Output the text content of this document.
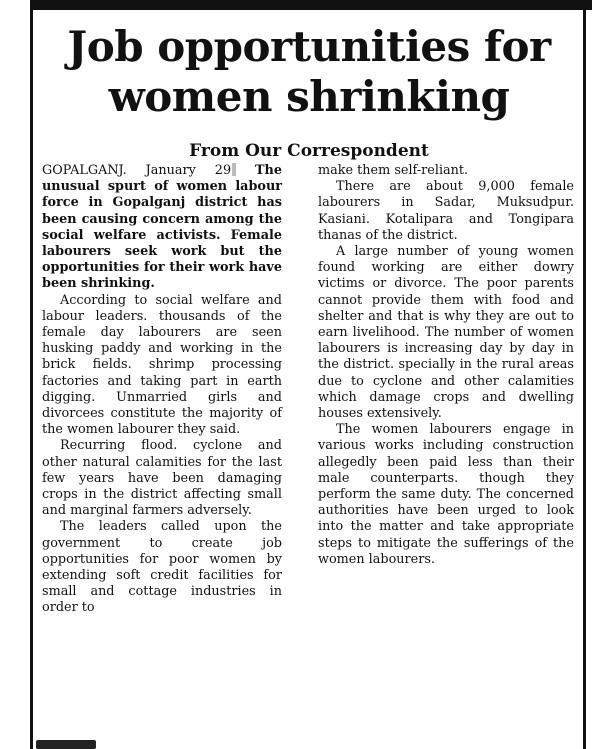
Job opportunities for women shrinking
From Our Correspondent

GOPALGANJ. January 29 The unusual spurt of women labour force in Gopalganj district has been causing concern among the social welfare activists. Female labourers seek work but the opportunities for their work have been shrinking.

According to social welfare and labour leaders. thousands of the female day labourers are seen husking paddy and working in the brick fields. shrimp processing factories and taking part in earth digging. Unmarried girls and divorcees constitute the majority of the women labourer they said.

Recurring flood. cyclone and other natural calamities for the last few years have been damaging crops in the district affecting small and marginal farmers adversely.

The leaders called upon the government to create job opportunities for poor women by extending soft credit facilities for small and cottage industries in order to

make them self-reliant.

There are about 9,000 female labourers in Sadar, Muksudpur. Kasiani. Kotalipara and Tongipara thanas of the district.

A large number of young women found working are either dowry victims or divorce. The poor parents cannot provide them with food and shelter and that is why they are out to earn livelihood. The number of women labourers is increasing day by day in the district. specially in the rural areas due to cyclone and other calamities which damage crops and dwelling houses extensively.

The women labourers engage in various works including construction allegedly been paid less than their male counterparts. though they perform the same duty. The concerned authorities have been urged to look into the matter and take appropriate steps to mitigate the sufferings of the women labourers.
